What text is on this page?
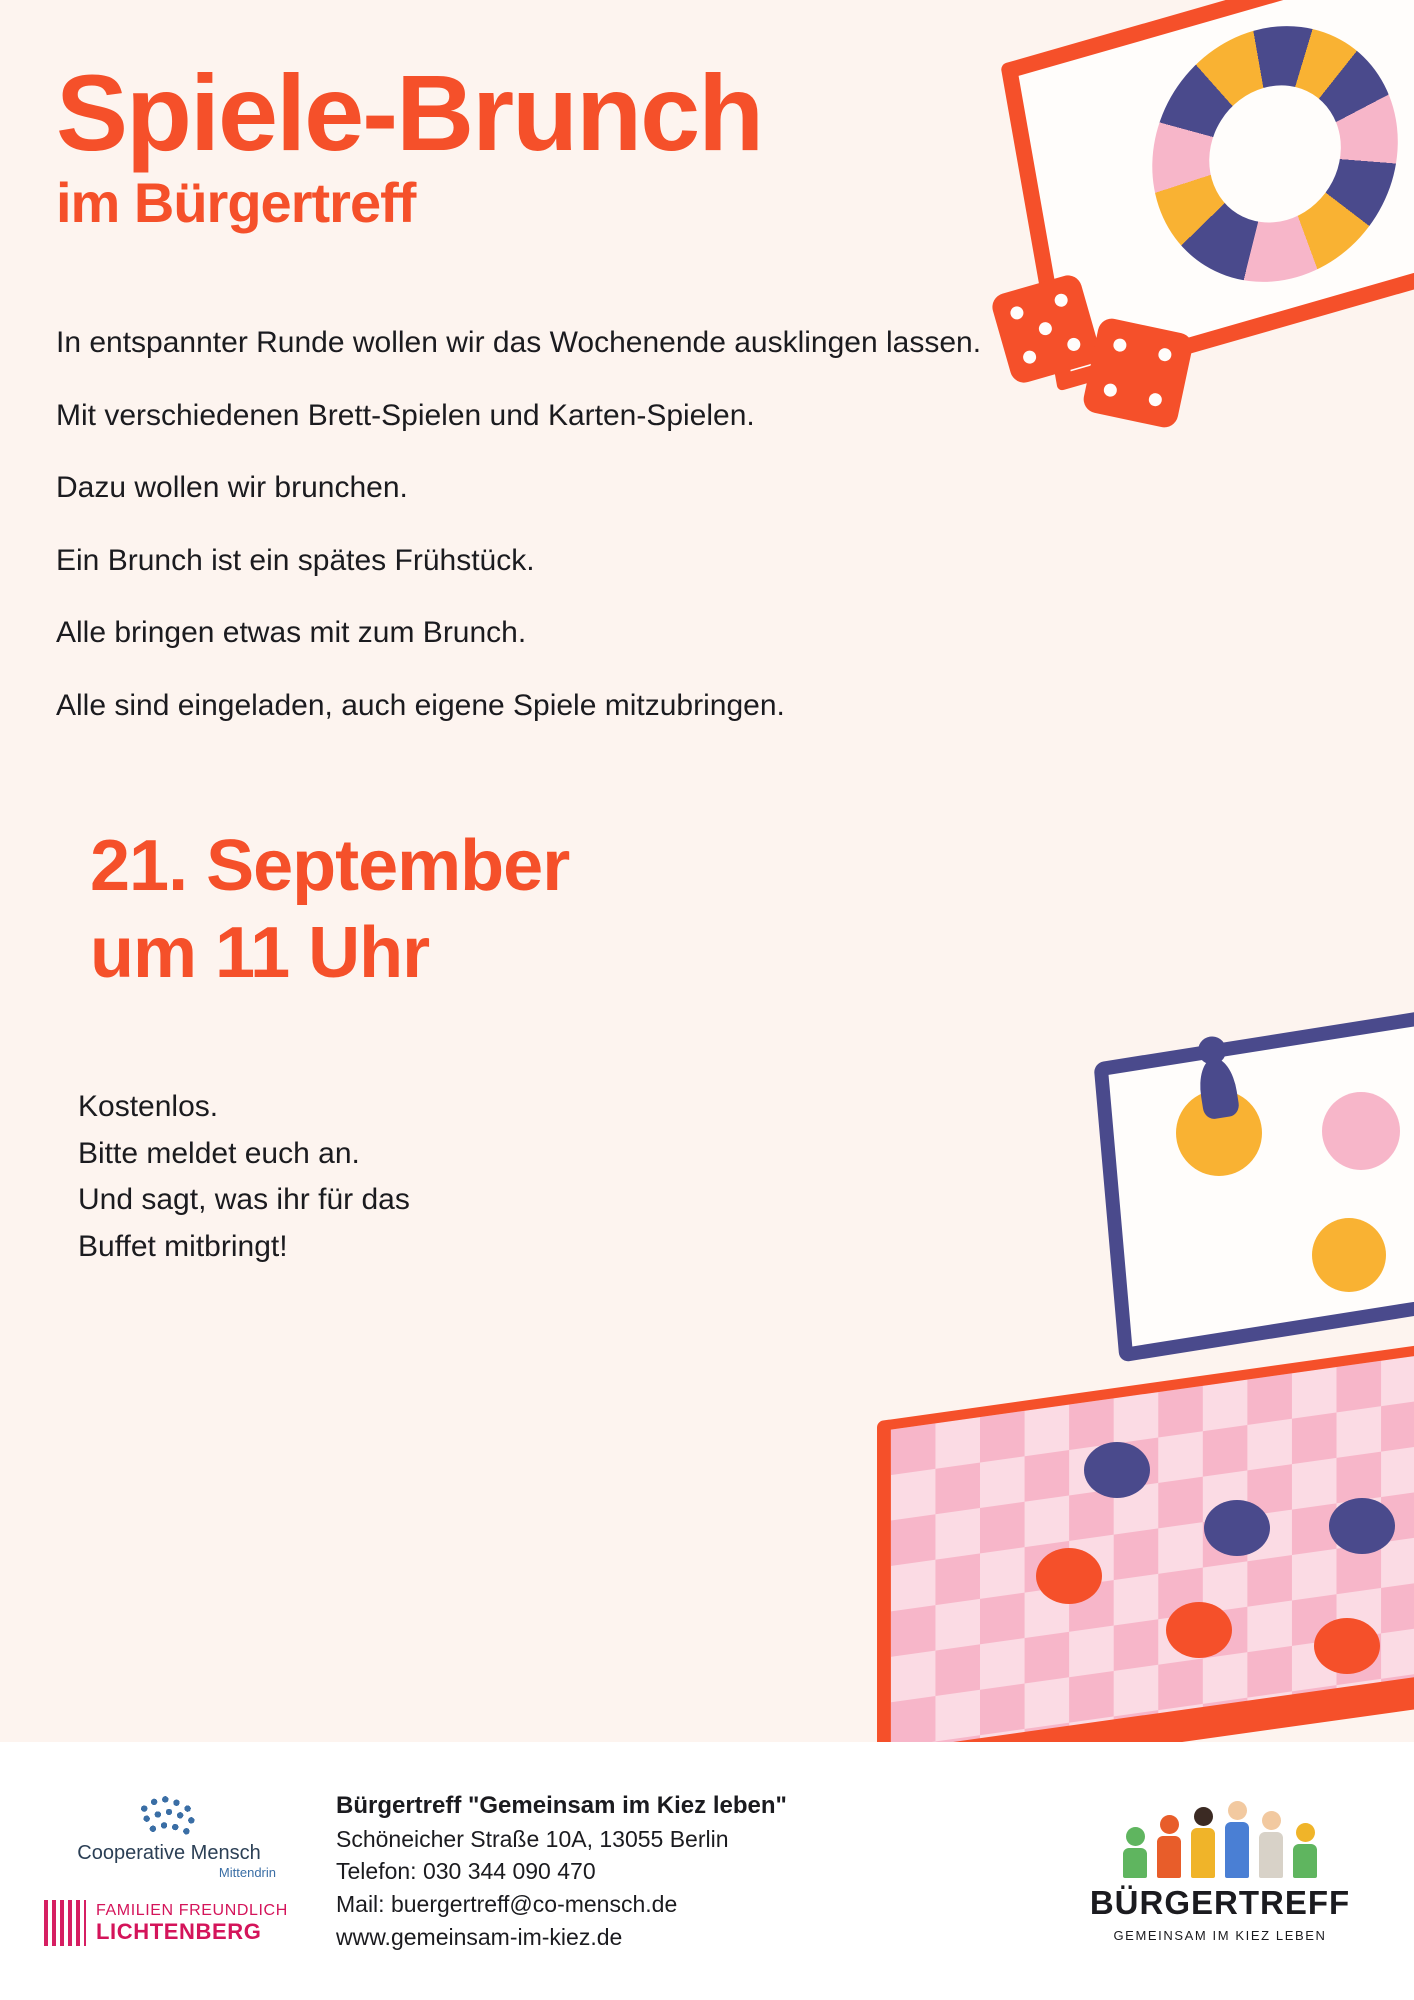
Spiele-Brunch
im Bürgertreff

In entspannter Runde wollen wir das Wochenende ausklingen lassen.

Mit verschiedenen Brett-Spielen und Karten-Spielen.

Dazu wollen wir brunchen.

Ein Brunch ist ein spätes Frühstück.

Alle bringen etwas mit zum Brunch.

Alle sind eingeladen, auch eigene Spiele mitzubringen.

21. September
um 11 Uhr

Kostenlos.

Bitte meldet euch an.

Und sagt, was ihr für das

Buffet mitbringt!

Cooperative Mensch
Mittendrin
FAMILIEN FREUNDLICH
LICHTENBERG
Bürgertreff "Gemeinsam im Kiez leben"
Schöneicher Straße 10A, 13055 Berlin
Telefon: 030 344 090 470
Mail: buergertreff@co-mensch.de
www.gemeinsam-im-kiez.de
BÜRGERTREFF
GEMEINSAM IM KIEZ LEBEN
